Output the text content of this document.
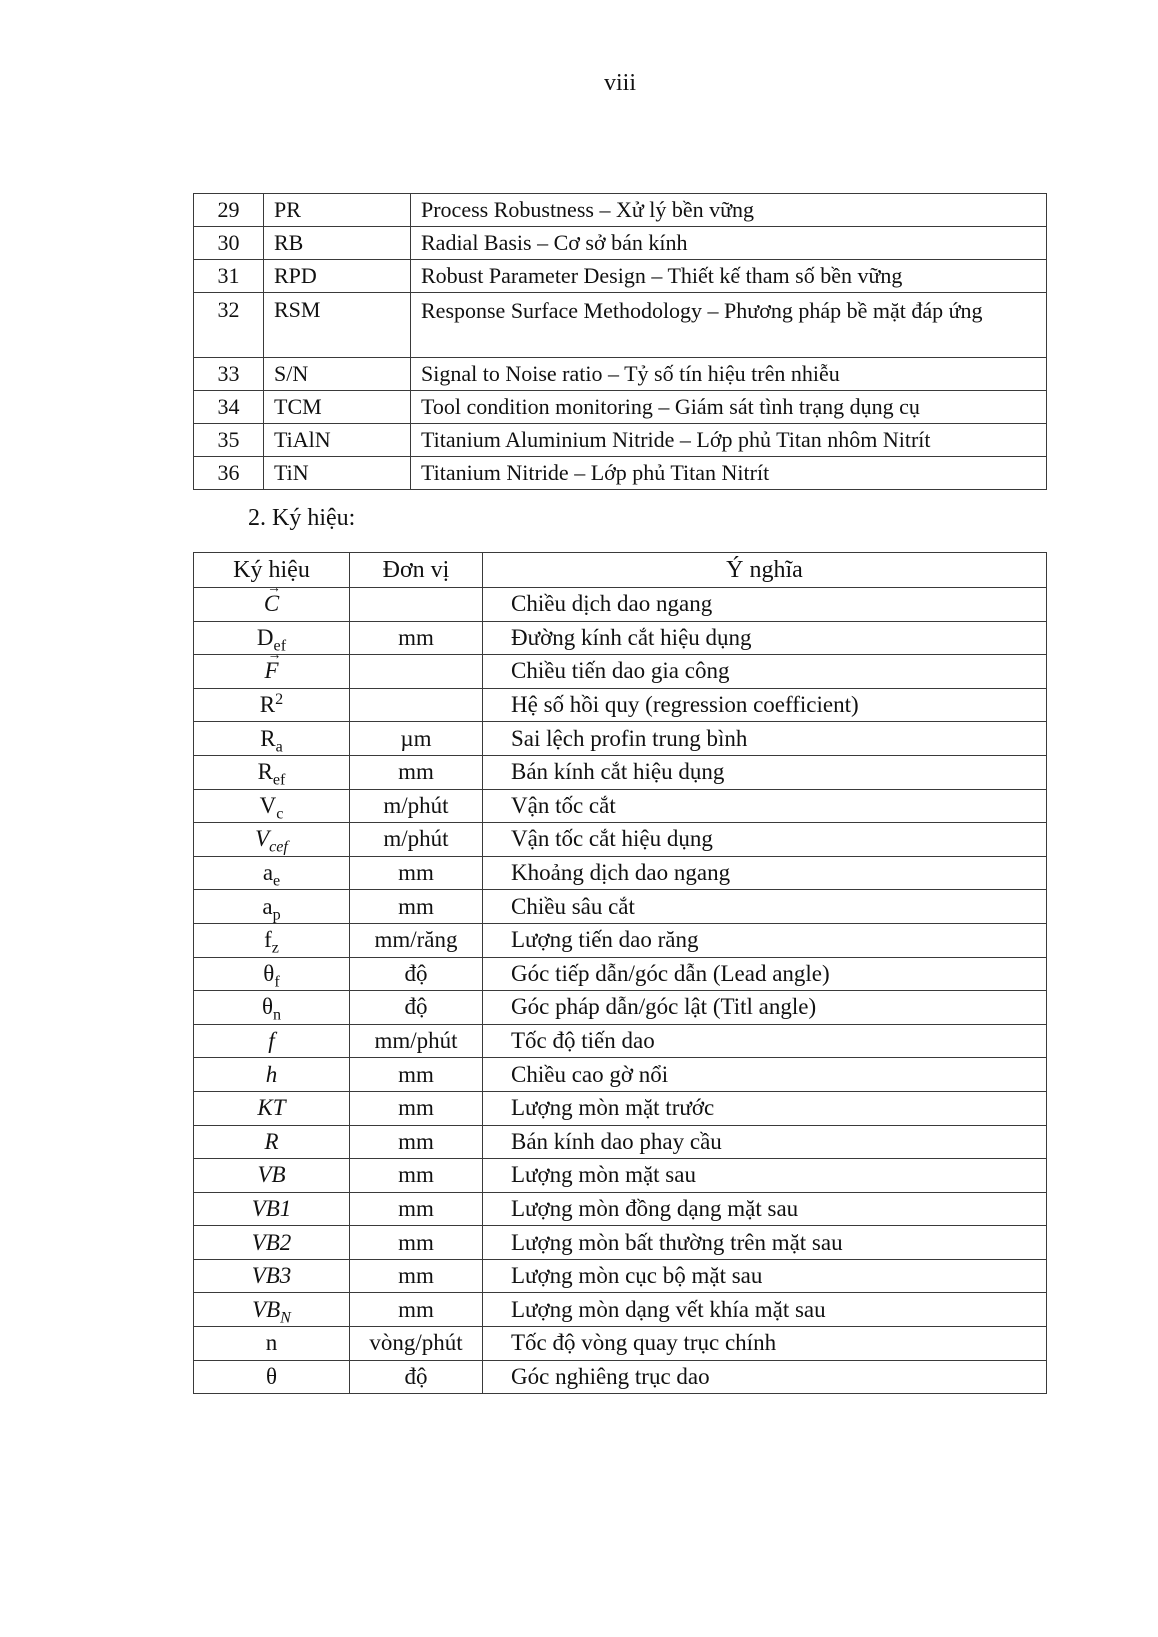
viii
29	PR	Process Robustness – Xử lý bền vững
30	RB	Radial Basis – Cơ sở bán kính
31	RPD	Robust Parameter Design – Thiết kế tham số bền vững
32	RSM	Response Surface Methodology – Phương pháp bề mặt đáp ứng
33	S/N	Signal to Noise ratio – Tỷ số tín hiệu trên nhiễu
34	TCM	Tool condition monitoring – Giám sát tình trạng dụng cụ
35	TiAlN	Titanium Aluminium Nitride – Lớp phủ Titan nhôm Nitrít
36	TiN	Titanium Nitride – Lớp phủ Titan Nitrít
2. Ký hiệu:
Ký hiệu	Đơn vị	Ý nghĩa

→
C		Chiều dịch dao ngang
$D_{ef}$	mm	Đường kính cắt hiệu dụng

→
F		Chiều tiến dao gia công
$R^2$		Hệ số hồi quy (regression coefficient)
$R_a$	µm	Sai lệch profin trung bình
$R_{ef}$	mm	Bán kính cắt hiệu dụng
$V_c$	m/phút	Vận tốc cắt
$V_{cef}$	m/phút	Vận tốc cắt hiệu dụng
$a_e$	mm	Khoảng dịch dao ngang
$a_p$	mm	Chiều sâu cắt
$f_z$	mm/răng	Lượng tiến dao răng
$\theta_f$	độ	Góc tiếp dẫn/góc dẫn (Lead angle)
$\theta_n$	độ	Góc pháp dẫn/góc lật (Titl angle)
f	mm/phút	Tốc độ tiến dao
h	mm	Chiều cao gờ nổi
KT	mm	Lượng mòn mặt trước
R	mm	Bán kính dao phay cầu
VB	mm	Lượng mòn mặt sau
VB1	mm	Lượng mòn đồng dạng mặt sau
VB2	mm	Lượng mòn bất thường trên mặt sau
VB3	mm	Lượng mòn cục bộ mặt sau
$VB_N$	mm	Lượng mòn dạng vết khía mặt sau
n	vòng/phút	Tốc độ vòng quay trục chính
θ	độ	Góc nghiêng trục dao
